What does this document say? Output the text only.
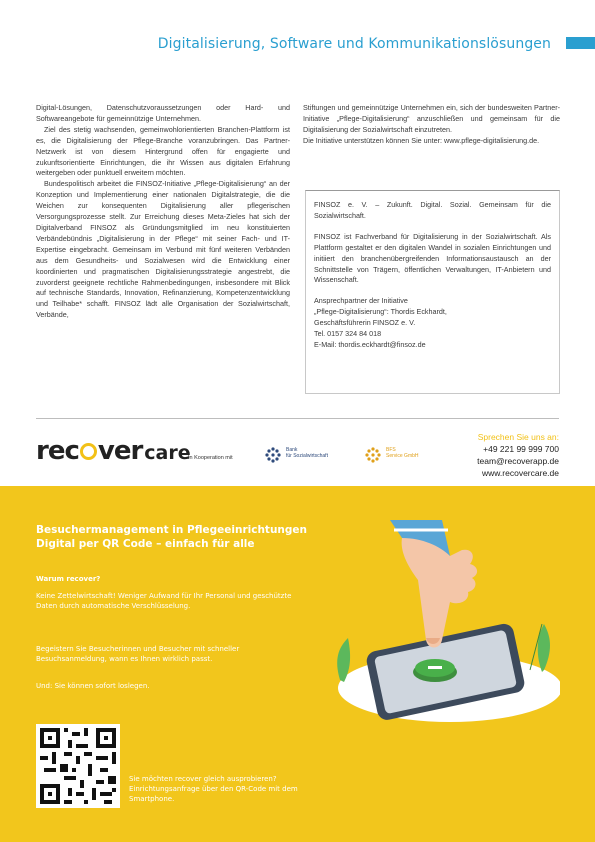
Digitalisierung, Software und Kommunikationslösungen

Digital-Lösungen, Datenschutzvoraussetzungen oder Hard- und Softwareangebote für gemeinnützige Unternehmen.

Ziel des stetig wachsenden, gemeinwohlorientierten Branchen-Plattform ist es, die Digitalisierung der Pflege-Branche voranzubringen. Das Partner-Netzwerk ist von diesem Hintergrund offen für engagierte und zukunftsorientierte Einrichtungen, die ihr Wissen aus digitalen Erfahrung weitergeben oder punktuell erweitern möchten.

Bundespolitisch arbeitet die FINSOZ-Initiative „Pflege-Digitalisierung“ an der Konzeption und Implementierung einer nationalen Digitalstrategie, die die Weichen zur konsequenten Digitalisierung aller pflegerischen Versorgungsprozesse stellt. Zur Erreichung dieses Meta-Zieles hat sich der Digitalverband FINSOZ als Gründungsmitglied im neu konstituierten Verbändebündnis „Digitalisierung in der Pflege“ mit seiner Fach- und IT-Expertise eingebracht. Gemeinsam im Verbund mit fünf weiteren Verbänden aus dem Gesundheits- und Sozialwesen wird die Entwicklung einer koordinierten und pragmatischen Digitalisierungsstrategie angestrebt, die zuvorderst geeignete rechtliche Rahmenbedingungen, insbesondere mit Blick auf technische Standards, Innovation, Refinanzierung, Kompetenzentwicklung und Teilhabe* schafft. FINSOZ lädt alle Organisation der Sozialwirtschaft, Verbände,

Stiftungen und gemeinnützige Unternehmen ein, sich der bundesweiten Partner-Initiative „Pflege-Digitalisierung“ anzuschließen und gemeinsam für die Digitalisierung der Sozialwirtschaft einzutreten.

Die Initiative unterstützen können Sie unter: www.pflege-digitalisierung.de.

FINSOZ e. V. – Zukunft. Digital. Sozial. Gemeinsam für die Sozialwirtschaft.

FINSOZ ist Fachverband für Digitalisierung in der Sozialwirtschaft. Als Plattform gestaltet er den digitalen Wandel in sozialen Einrichtungen und initiiert den branchenübergreifenden Informationsaustausch an der Schnittstelle von Trägern, öffentlichen Verwaltungen, IT-Anbietern und Wissenschaft.

Ansprechpartner der Initiative
„Pflege-Digitalisierung“: Thordis Eckhardt,
Geschäftsführerin FINSOZ e. V.
Tel. 0157 324 84 018
E-Mail: thordis.eckhardt@finsoz.de
rec ver care
In Kooperation mit
Bank
für Sozialwirtschaft
BFS
Service GmbH
Sprechen Sie uns an:
+49 221 99 999 700
team@recoverapp.de
www.recovercare.de
Besuchermanagement in Pflegeeinrichtungen
Digital per QR Code – einfach für alle
Warum recover?
Keine Zettelwirtschaft! Weniger Aufwand für Ihr Personal und geschützte Daten durch automatische Verschlüsselung.
Begeistern Sie Besucherinnen und Besucher​ mit schneller Besuchsanmeldung, wann es Ihnen wirklich passt.
Und: Sie können sofort loslegen.
Sie möchten recover gleich ausprobieren? Einrichtungsanfrage über den QR-Code mit dem Smartphone.
